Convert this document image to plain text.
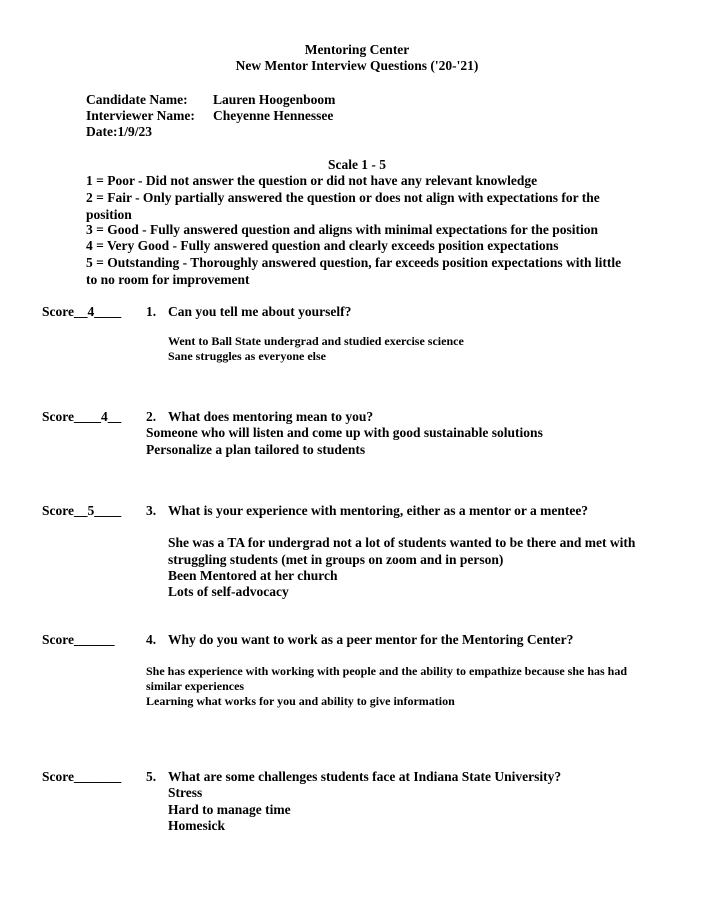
Mentoring Center
New Mentor Interview Questions ('20-'21)
Candidate Name: Lauren Hoogenboom
Interviewer Name: Cheyenne Hennessee
Date:1/9/23
Scale 1 - 5
1 = Poor - Did not answer the question or did not have any relevant knowledge
2 = Fair - Only partially answered the question or does not align with expectations for the position
3 = Good - Fully answered question and aligns with minimal expectations for the position
4 = Very Good - Fully answered question and clearly exceeds position expectations
5 = Outstanding - Thoroughly answered question, far exceeds position expectations with little to no room for improvement
Score__4____ 1. Can you tell me about yourself?
Went to Ball State undergrad and studied exercise science
Sane struggles as everyone else
Score____4__ 2. What does mentoring mean to you?
Someone who will listen and come up with good sustainable solutions
Personalize a plan tailored to students
Score__5____ 3. What is your experience with mentoring, either as a mentor or a mentee?
She was a TA for undergrad not a lot of students wanted to be there and met with struggling students (met in groups on zoom and in person)
Been Mentored at her church
Lots of self-advocacy
Score______ 4. Why do you want to work as a peer mentor for the Mentoring Center?
She has experience with working with people and the ability to empathize because she has had similar experiences
Learning what works for you and ability to give information
Score_______ 5. What are some challenges students face at Indiana State University?
Stress
Hard to manage time
Homesick
